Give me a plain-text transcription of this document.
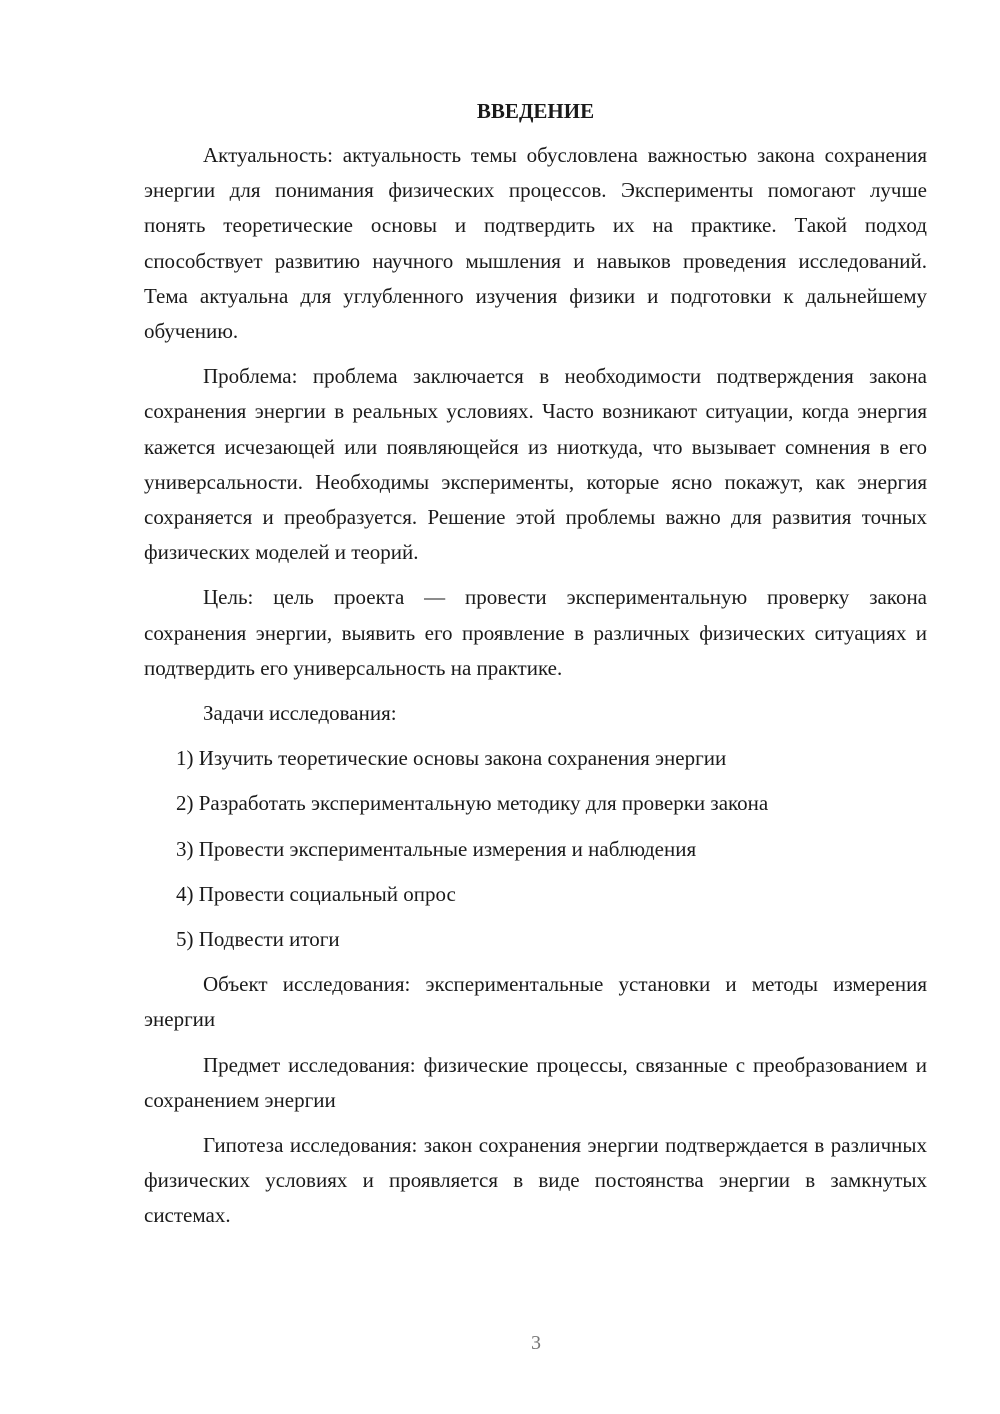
ВВЕДЕНИЕ

Актуальность: актуальность темы обусловлена важностью закона сохранения энергии для понимания физических процессов. Эксперименты помогают лучше понять теоретические основы и подтвердить их на практике. Такой подход способствует развитию научного мышления и навыков проведения исследований. Тема актуальна для углубленного изучения физики и подготовки к дальнейшему обучению.

Проблема: проблема заключается в необходимости подтверждения закона сохранения энергии в реальных условиях. Часто возникают ситуации, когда энергия кажется исчезающей или появляющейся из ниоткуда, что вызывает сомнения в его универсальности. Необходимы эксперименты, которые ясно покажут, как энергия сохраняется и преобразуется. Решение этой проблемы важно для развития точных физических моделей и теорий.

Цель: цель проекта — провести экспериментальную проверку закона сохранения энергии, выявить его проявление в различных физических ситуациях и подтвердить его универсальность на практике.

Задачи исследования:

1) Изучить теоретические основы закона сохранения энергии
2) Разработать экспериментальную методику для проверки закона
3) Провести экспериментальные измерения и наблюдения
4) Провести социальный опрос
5) Подвести итоги

Объект исследования: экспериментальные установки и методы измерения энергии

Предмет исследования: физические процессы, связанные с преобразованием и сохранением энергии

Гипотеза исследования: закон сохранения энергии подтверждается в различных физических условиях и проявляется в виде постоянства энергии в замкнутых системах.

3
